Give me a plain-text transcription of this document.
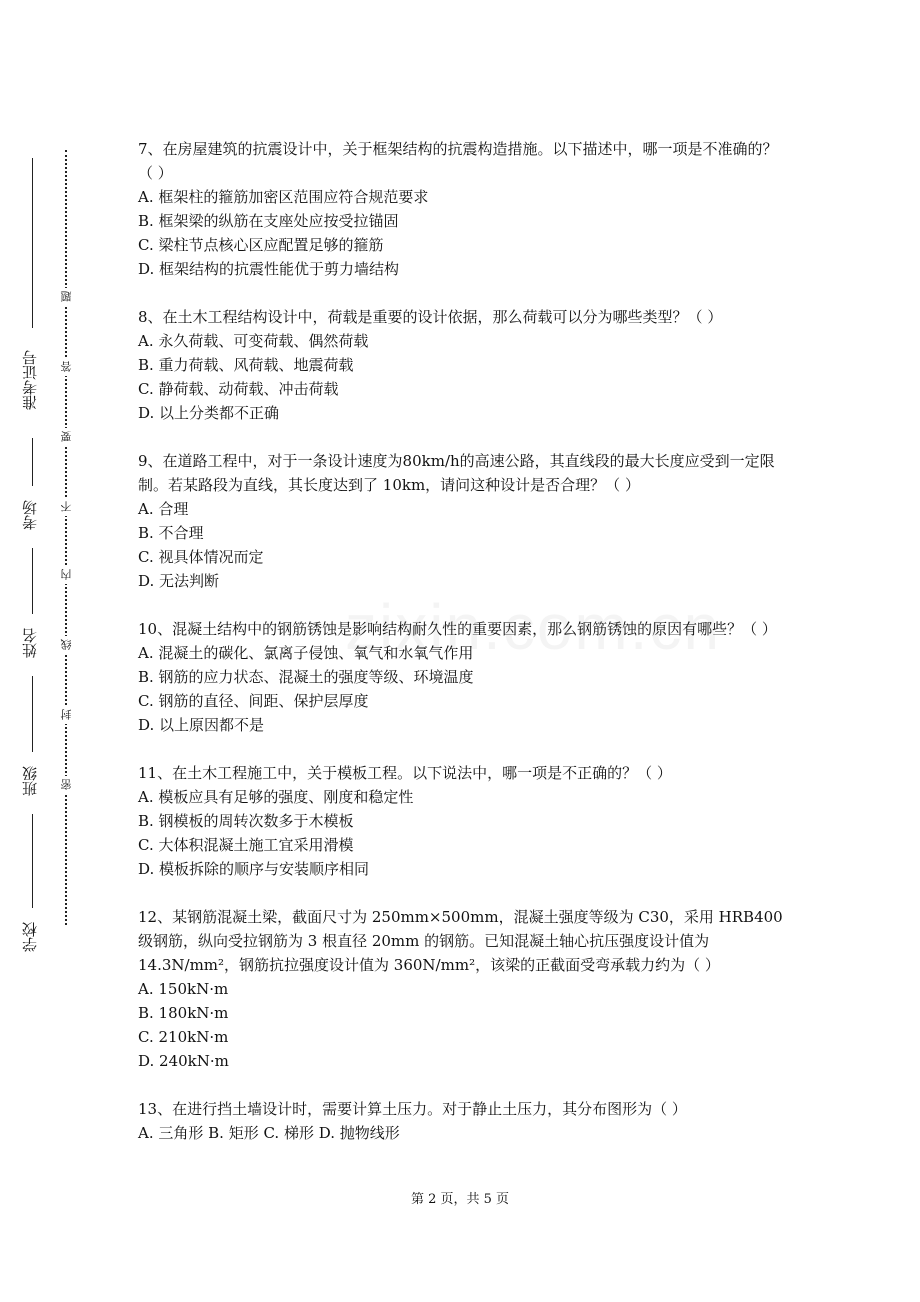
准考证号
考场
姓名
班级
学校
题
答
要
不
内
线
封
密

7、在房屋建筑的抗震设计中，关于框架结构的抗震构造措施。以下描述中，哪一项是不准确的？（ ）

A. 框架柱的箍筋加密区范围应符合规范要求

B. 框架梁的纵筋在支座处应按受拉锚固

C. 梁柱节点核心区应配置足够的箍筋

D. 框架结构的抗震性能优于剪力墙结构

8、在土木工程结构设计中，荷载是重要的设计依据，那么荷载可以分为哪些类型？（ ）

A. 永久荷载、可变荷载、偶然荷载

B. 重力荷载、风荷载、地震荷载

C. 静荷载、动荷载、冲击荷载

D. 以上分类都不正确

9、在道路工程中，对于一条设计速度为80km/h的高速公路，其直线段的最大长度应受到一定限制。若某路段为直线，其长度达到了 10km，请问这种设计是否合理？（ ）

A. 合理

B. 不合理

C. 视具体情况而定

D. 无法判断

10、混凝土结构中的钢筋锈蚀是影响结构耐久性的重要因素，那么钢筋锈蚀的原因有哪些？（ ）

A. 混凝土的碳化、氯离子侵蚀、氧气和水氧气作用

B. 钢筋的应力状态、混凝土的强度等级、环境温度

C. 钢筋的直径、间距、保护层厚度

D. 以上原因都不是

11、在土木工程施工中，关于模板工程。以下说法中，哪一项是不正确的？（ ）

A. 模板应具有足够的强度、刚度和稳定性

B. 钢模板的周转次数多于木模板

C. 大体积混凝土施工宜采用滑模

D. 模板拆除的顺序与安装顺序相同

12、某钢筋混凝土梁，截面尺寸为 250mm×500mm，混凝土强度等级为 C30，采用 HRB400 级钢筋，纵向受拉钢筋为 3 根直径 20mm 的钢筋。已知混凝土轴心抗压强度设计值为 14.3N/mm²，钢筋抗拉强度设计值为 360N/mm²，该梁的正截面受弯承载力约为（ ）

A. 150kN·m

B. 180kN·m

C. 210kN·m

D. 240kN·m

13、在进行挡土墙设计时，需要计算土压力。对于静止土压力，其分布图形为（ ）

A. 三角形 B. 矩形 C. 梯形 D. 抛物线形

第 2 页，共 5 页
